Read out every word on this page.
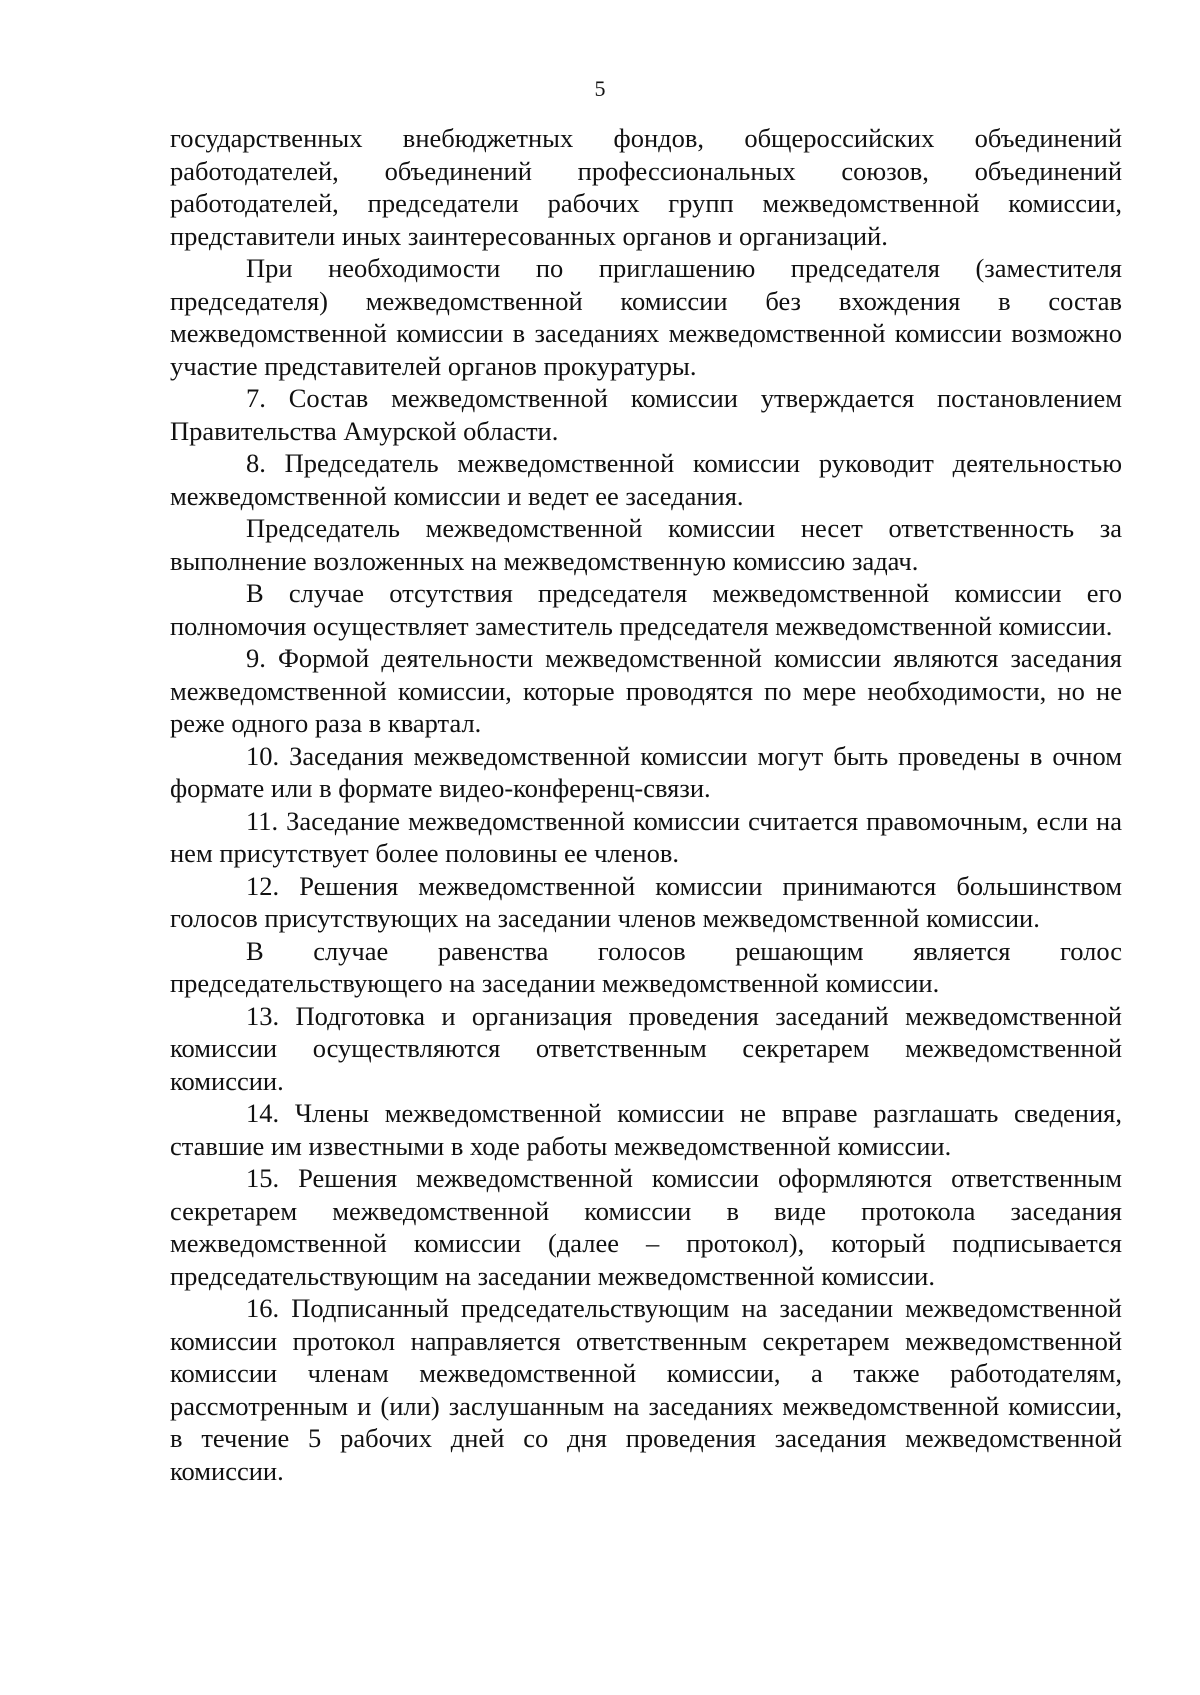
5

государственных внебюджетных фондов, общероссийских объединений работодателей, объединений профессиональных союзов, объединений работодателей, председатели рабочих групп межведомственной комиссии, представители иных заинтересованных органов и организаций.

При необходимости по приглашению председателя (заместителя председателя) межведомственной комиссии без вхождения в состав межведомственной комиссии в заседаниях межведомственной комиссии возможно участие представителей органов прокуратуры.

7. Состав межведомственной комиссии утверждается постановлением Правительства Амурской области.

8. Председатель межведомственной комиссии руководит деятельностью межведомственной комиссии и ведет ее заседания.

Председатель межведомственной комиссии несет ответственность за выполнение возложенных на межведомственную комиссию задач.

В случае отсутствия председателя межведомственной комиссии его полномочия осуществляет заместитель председателя межведомственной комиссии.

9. Формой деятельности межведомственной комиссии являются заседания межведомственной комиссии, которые проводятся по мере необходимости, но не реже одного раза в квартал.

10. Заседания межведомственной комиссии могут быть проведены в очном формате или в формате видео-конференц-связи.

11. Заседание межведомственной комиссии считается правомочным, если на нем присутствует более половины ее членов.

12. Решения межведомственной комиссии принимаются большинством голосов присутствующих на заседании членов межведомственной комиссии.

В случае равенства голосов решающим является голос председательствующего на заседании межведомственной комиссии.

13. Подготовка и организация проведения заседаний межведомственной комиссии осуществляются ответственным секретарем межведомственной комиссии.

14. Члены межведомственной комиссии не вправе разглашать сведения, ставшие им известными в ходе работы межведомственной комиссии.

15. Решения межведомственной комиссии оформляются ответственным секретарем межведомственной комиссии в виде протокола заседания межведомственной комиссии (далее – протокол), который подписывается председательствующим на заседании межведомственной комиссии.

16. Подписанный председательствующим на заседании межведомственной комиссии протокол направляется ответственным секретарем межведомственной комиссии членам межведомственной комиссии, а также работодателям, рассмотренным и (или) заслушанным на заседаниях межведомственной комиссии, в течение 5 рабочих дней со дня проведения заседания межведомственной комиссии.
